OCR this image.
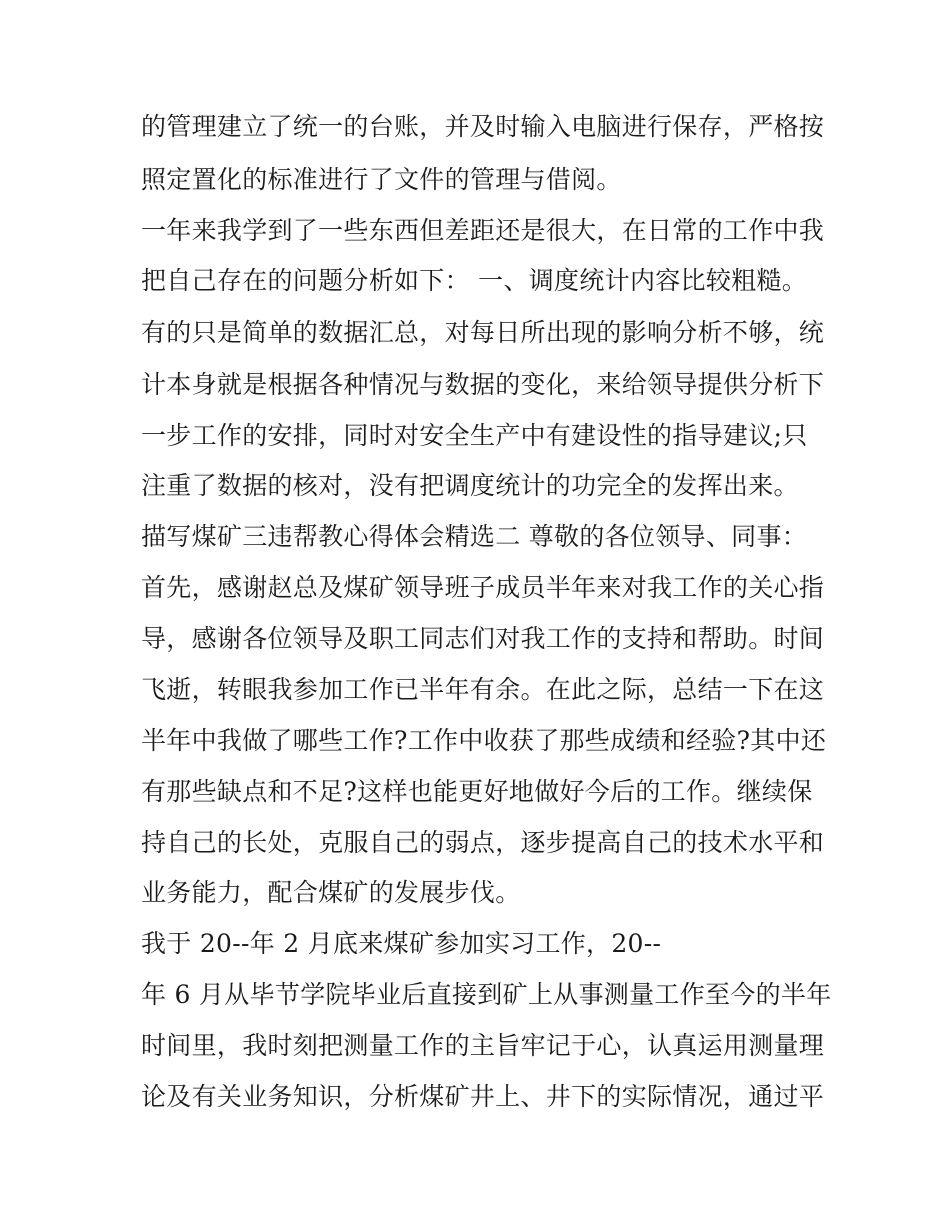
的管理建立了统一的台账，并及时输入电脑进行保存，严格按
照定置化的标准进行了文件的管理与借阅。
一年来我学到了一些东西但差距还是很大，在日常的工作中我
把自己存在的问题分析如下： 一、调度统计内容比较粗糙。
有的只是简单的数据汇总，对每日所出现的影响分析不够，统
计本身就是根据各种情况与数据的变化，来给领导提供分析下
一步工作的安排，同时对安全生产中有建设性的指导建议;只
注重了数据的核对，没有把调度统计的功完全的发挥出来。
描写煤矿三违帮教心得体会精选二 尊敬的各位领导、同事：
首先，感谢赵总及煤矿领导班子成员半年来对我工作的关心指
导，感谢各位领导及职工同志们对我工作的支持和帮助。时间
飞逝，转眼我参加工作已半年有余。在此之际，总结一下在这
半年中我做了哪些工作?工作中收获了那些成绩和经验?其中还
有那些缺点和不足?这样也能更好地做好今后的工作。继续保
持自己的长处，克服自己的弱点，逐步提高自己的技术水平和
业务能力，配合煤矿的发展步伐。
我于 20--年 2 月底来煤矿参加实习工作，20--
年 6 月从毕节学院毕业后直接到矿上从事测量工作至今的半年
时间里，我时刻把测量工作的主旨牢记于心，认真运用测量理
论及有关业务知识，分析煤矿井上、井下的实际情况，通过平
